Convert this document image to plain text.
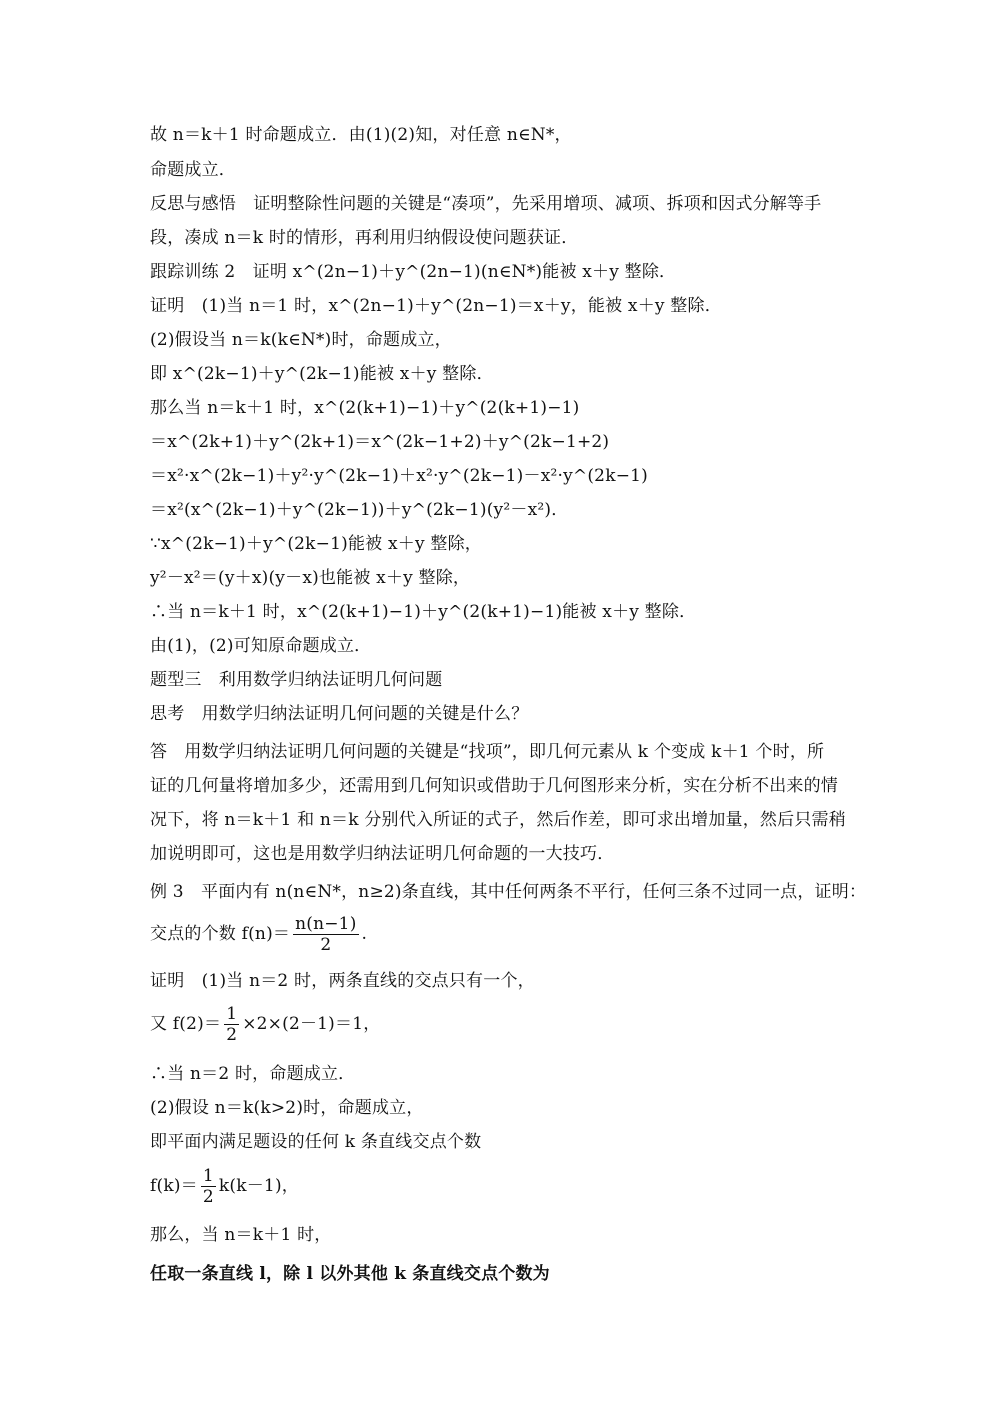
故 n＝k＋1 时命题成立．由(1)(2)知，对任意 n∈N*，
命题成立．
反思与感悟　证明整除性问题的关键是“凑项”，先采用增项、减项、拆项和因式分解等手
段，凑成 n＝k 时的情形，再利用归纳假设使问题获证．
跟踪训练 2　证明 x^(2n−1)＋y^(2n−1)(n∈N*)能被 x＋y 整除．
证明　(1)当 n＝1 时，x^(2n−1)＋y^(2n−1)＝x＋y，能被 x＋y 整除．
(2)假设当 n＝k(k∈N*)时，命题成立，
即 x^(2k−1)＋y^(2k−1)能被 x＋y 整除．
那么当 n＝k＋1 时，x^(2(k+1)−1)＋y^(2(k+1)−1)
＝x^(2k+1)＋y^(2k+1)＝x^(2k−1+2)＋y^(2k−1+2)
＝x²·x^(2k−1)＋y²·y^(2k−1)＋x²·y^(2k−1)－x²·y^(2k−1)
＝x²(x^(2k−1)＋y^(2k−1))＋y^(2k−1)(y²－x²)．
∵x^(2k−1)＋y^(2k−1)能被 x＋y 整除，
y²－x²＝(y＋x)(y－x)也能被 x＋y 整除，
∴当 n＝k＋1 时，x^(2(k+1)−1)＋y^(2(k+1)−1)能被 x＋y 整除．
由(1)，(2)可知原命题成立．
题型三　利用数学归纳法证明几何问题
思考　用数学归纳法证明几何问题的关键是什么？
答　用数学归纳法证明几何问题的关键是“找项”，即几何元素从 k 个变成 k＋1 个时，所
证的几何量将增加多少，还需用到几何知识或借助于几何图形来分析，实在分析不出来的情
况下，将 n＝k＋1 和 n＝k 分别代入所证的式子，然后作差，即可求出增加量，然后只需稍
加说明即可，这也是用数学归纳法证明几何命题的一大技巧．
例 3　平面内有 n(n∈N*，n≥2)条直线，其中任何两条不平行，任何三条不过同一点，证明：
交点的个数 $f(n)= \frac{n(n-1)}{2}$ .
证明　(1)当 n＝2 时，两条直线的交点只有一个，
又 $f(2)= \frac{1}{2} \times 2\times(2-1)=1$，
∴当 n＝2 时，命题成立．
(2)假设 n＝k(k>2)时，命题成立，
即平面内满足题设的任何 k 条直线交点个数
$f(k)= \frac{1}{2} k(k-1)$，
那么，当 n＝k＋1 时，
任取一条直线 l，除 l 以外其他 k 条直线交点个数为
